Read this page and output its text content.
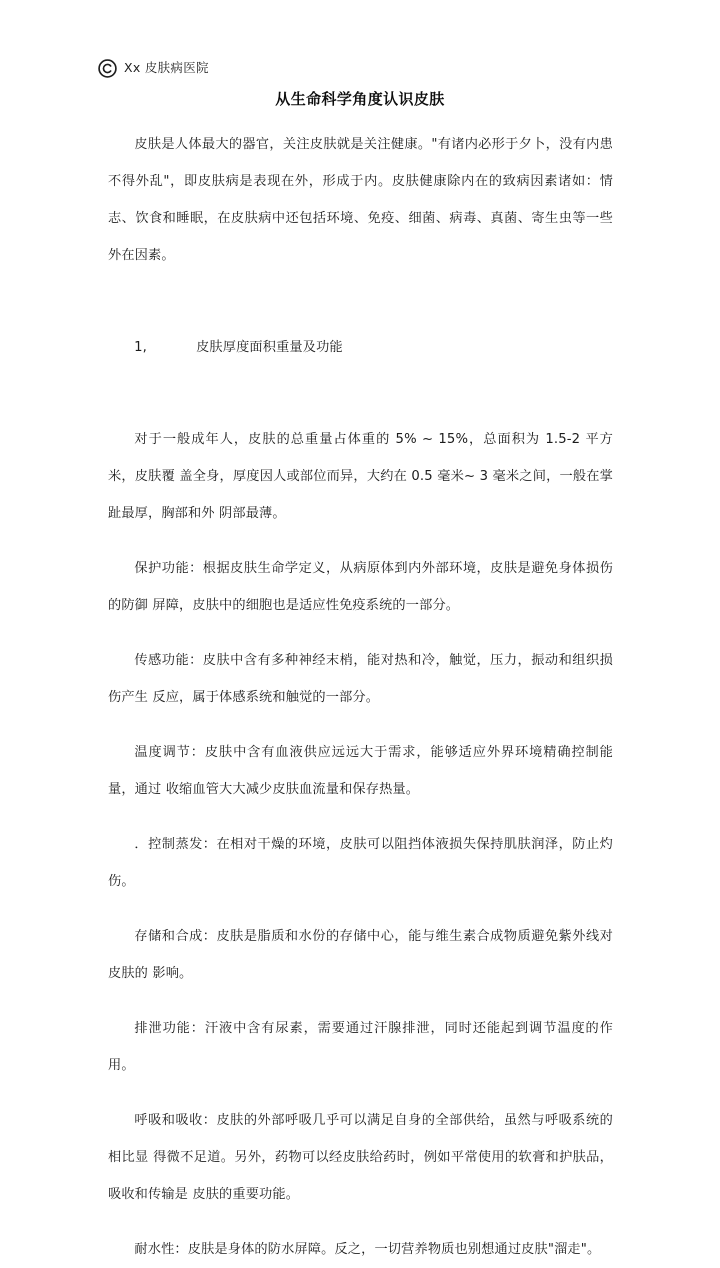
Xx 皮肤病医院
从生命科学角度认识皮肤

皮肤是人体最大的器官，关注皮肤就是关注健康。"有诸内必形于夕卜，没有内患不得外乱"，即皮肤病是表现在外，形成于内。皮肤健康除内在的致病因素诸如：情志、饮食和睡眠，在皮肤病中还包括环境、免疫、细菌、病毒、真菌、寄生虫等一些外在因素。

1,	皮肤厚度面积重量及功能

对于一般成年人，皮肤的总重量占体重的 5% ~ 15%，总面积为 1.5-2 平方米，皮肤覆 盖全身，厚度因人或部位而异，大约在 0.5 毫米~ 3 毫米之间，一般在掌趾最厚，胸部和外 阴部最薄。

保护功能：根据皮肤生命学定义，从病原体到内外部环境，皮肤是避免身体损伤的防御 屏障，皮肤中的细胞也是适应性免疫系统的一部分。

传感功能：皮肤中含有多种神经末梢，能对热和冷，触觉，压力，振动和组织损伤产生 反应，属于体感系统和触觉的一部分。

温度调节：皮肤中含有血液供应远远大于需求，能够适应外界环境精确控制能量，通过 收缩血管大大减少皮肤血流量和保存热量。

．控制蒸发：在相对干燥的环境，皮肤可以阻挡体液损失保持肌肤润泽，防止灼伤。

存储和合成：皮肤是脂质和水份的存储中心，能与维生素合成物质避免紫外线对皮肤的 影响。

排泄功能：汗液中含有尿素，需要通过汗腺排泄，同时还能起到调节温度的作用。

呼吸和吸收：皮肤的外部呼吸几乎可以满足自身的全部供给，虽然与呼吸系统的相比显 得微不足道。另外，药物可以经皮肤给药时，例如平常使用的软膏和护肤品，吸收和传输是 皮肤的重要功能。

耐水性：皮肤是身体的防水屏障。反之，一切营养物质也别想通过皮肤"溜走"。
